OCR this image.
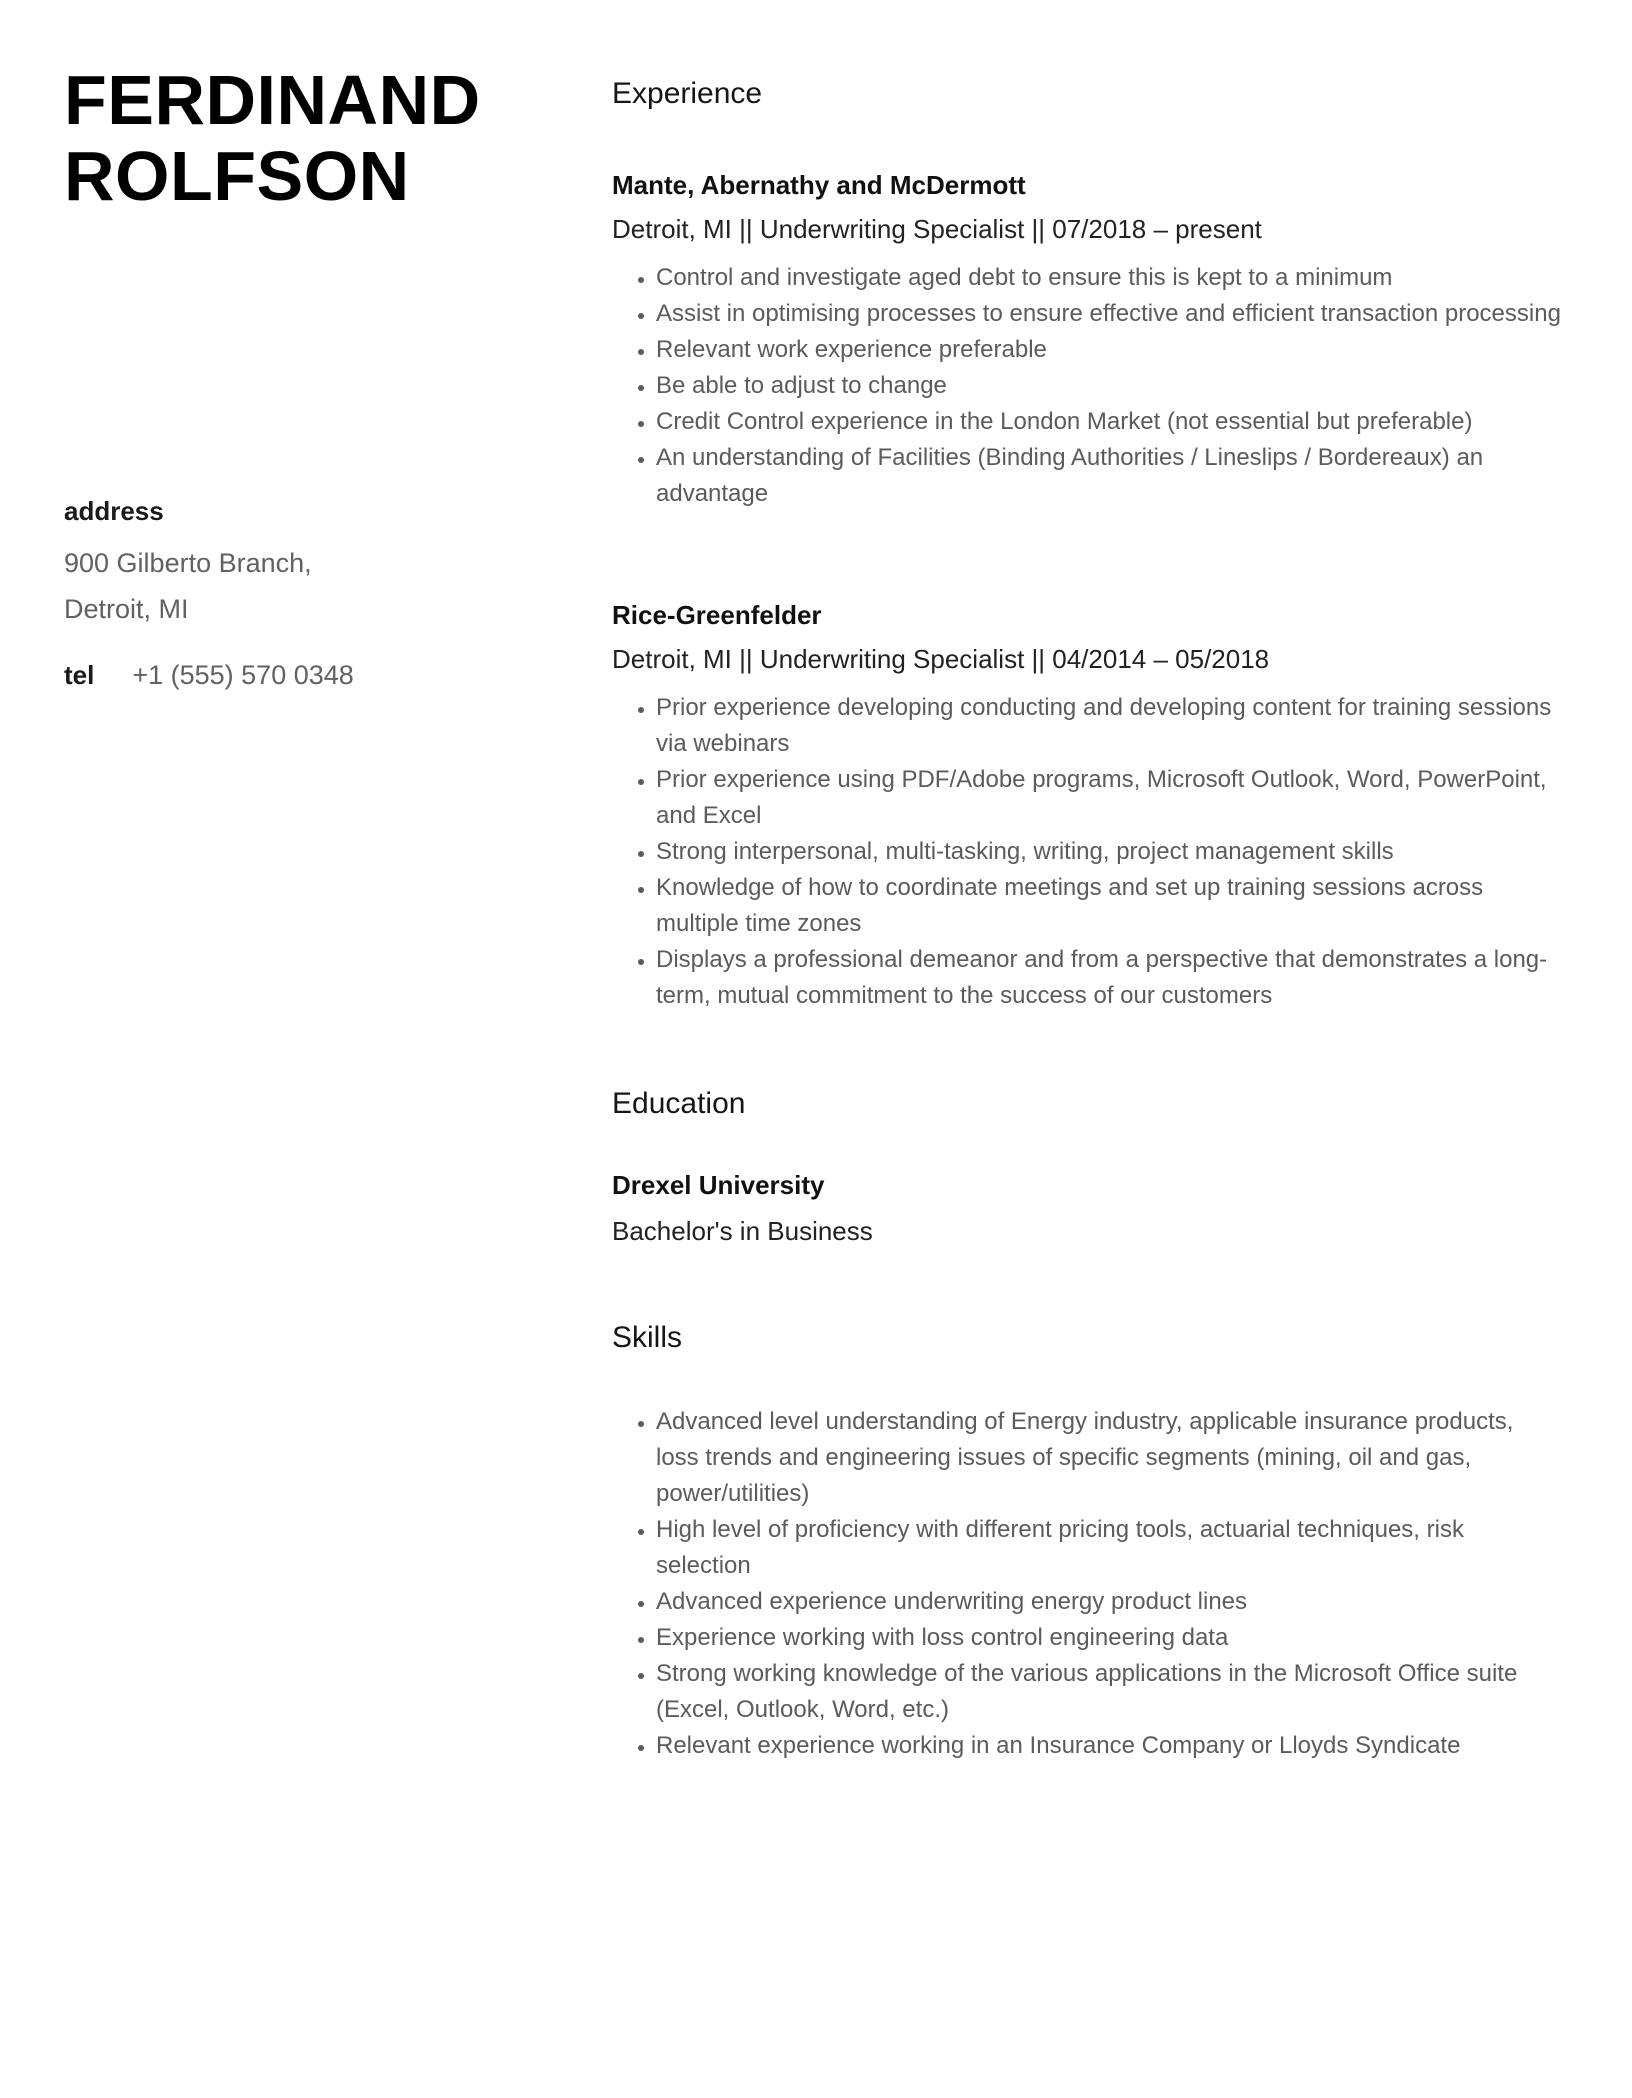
FERDINAND
ROLFSON
address
900 Gilberto Branch,
Detroit, MI
tel +1 (555) 570 0348
Experience
Mante, Abernathy and McDermott
Detroit, MI || Underwriting Specialist || 07/2018 – present
• Control and investigate aged debt to ensure this is kept to a minimum
• Assist in optimising processes to ensure effective and efficient transaction processing
• Relevant work experience preferable
• Be able to adjust to change
• Credit Control experience in the London Market (not essential but preferable)
• An understanding of Facilities (Binding Authorities / Lineslips / Bordereaux) an advantage
Rice-Greenfelder
Detroit, MI || Underwriting Specialist || 04/2014 – 05/2018
• Prior experience developing conducting and developing content for training sessions via webinars
• Prior experience using PDF/Adobe programs, Microsoft Outlook, Word, PowerPoint, and Excel
• Strong interpersonal, multi-tasking, writing, project management skills
• Knowledge of how to coordinate meetings and set up training sessions across multiple time zones
• Displays a professional demeanor and from a perspective that demonstrates a long-term, mutual commitment to the success of our customers
Education
Drexel University
Bachelor's in Business
Skills
• Advanced level understanding of Energy industry, applicable insurance products, loss trends and engineering issues of specific segments (mining, oil and gas, power/utilities)
• High level of proficiency with different pricing tools, actuarial techniques, risk selection
• Advanced experience underwriting energy product lines
• Experience working with loss control engineering data
• Strong working knowledge of the various applications in the Microsoft Office suite (Excel, Outlook, Word, etc.)
• Relevant experience working in an Insurance Company or Lloyds Syndicate
